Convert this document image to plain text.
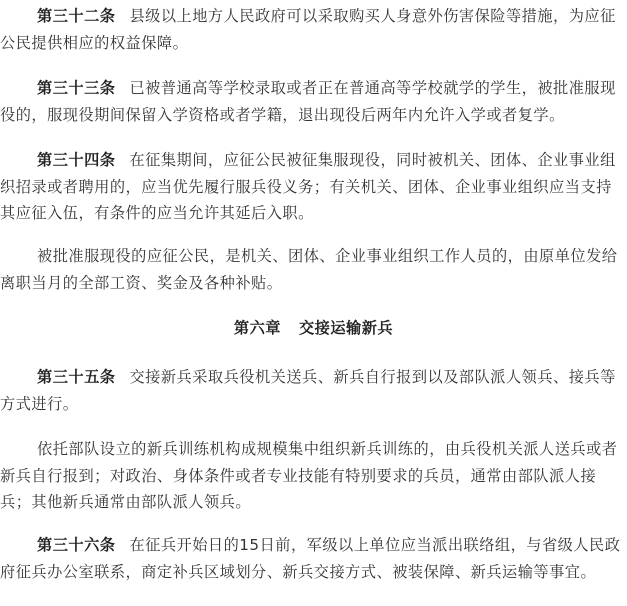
第三十二条 县级以上地方人民政府可以采取购买人身意外伤害保险等措施，为应征公民提供相应的权益保障。

第三十三条 已被普通高等学校录取或者正在普通高等学校就学的学生，被批准服现役的，服现役期间保留入学资格或者学籍，退出现役后两年内允许入学或者复学。

第三十四条 在征集期间，应征公民被征集服现役，同时被机关、团体、企业事业组织招录或者聘用的，应当优先履行服兵役义务；有关机关、团体、企业事业组织应当支持其应征入伍，有条件的应当允许其延后入职。

被批准服现役的应征公民，是机关、团体、企业事业组织工作人员的，由原单位发给离职当月的全部工资、奖金及各种补贴。

第六章 交接运输新兵

第三十五条 交接新兵采取兵役机关送兵、新兵自行报到以及部队派人领兵、接兵等方式进行。

依托部队设立的新兵训练机构成规模集中组织新兵训练的，由兵役机关派人送兵或者新兵自行报到；对政治、身体条件或者专业技能有特别要求的兵员，通常由部队派人接兵；其他新兵通常由部队派人领兵。

第三十六条 在征兵开始日的15日前，军级以上单位应当派出联络组，与省级人民政府征兵办公室联系，商定补兵区域划分、新兵交接方式、被装保障、新兵运输等事宜。
